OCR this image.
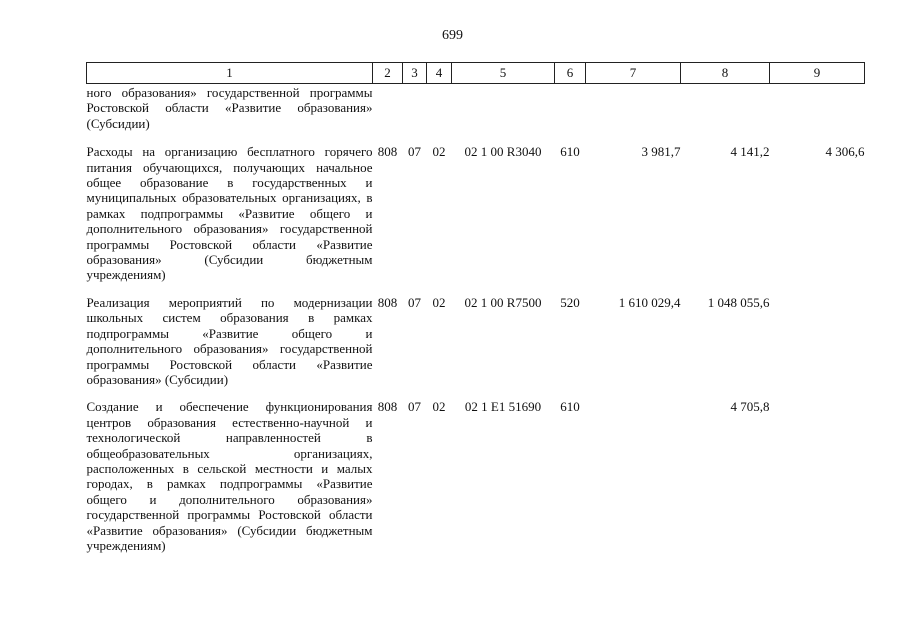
699
1	2	3	4	5	6	7	8	9
ного образования» государственной программы Ростовской области «Развитие образования» (Субсидии)								
Расходы на организацию бесплатного горячего питания обучающихся, получающих начальное общее образование в государственных и муниципальных образовательных организациях, в рамках подпрограммы «Развитие общего и дополнительного образования» государственной программы Ростовской области «Развитие образования» (Субсидии бюджетным учреждениям)	808	07	02	02 1 00 R3040	610	3 981,7	4 141,2	4 306,6
Реализация мероприятий по модернизации школьных систем образования в рамках подпрограммы «Развитие общего и дополнительного образования» государственной программы Ростовской области «Развитие образования» (Субсидии)	808	07	02	02 1 00 R7500	520	1 610 029,4	1 048 055,6	
Создание и обеспечение функционирования центров образования естественно-научной и технологической направленностей в общеобразовательных организациях, расположенных в сельской местности и малых городах, в рамках подпрограммы «Развитие общего и дополнительного образования» государственной программы Ростовской области «Развитие образования» (Субсидии бюджетным учреждениям)	808	07	02	02 1 E1 51690	610		4 705,8	
